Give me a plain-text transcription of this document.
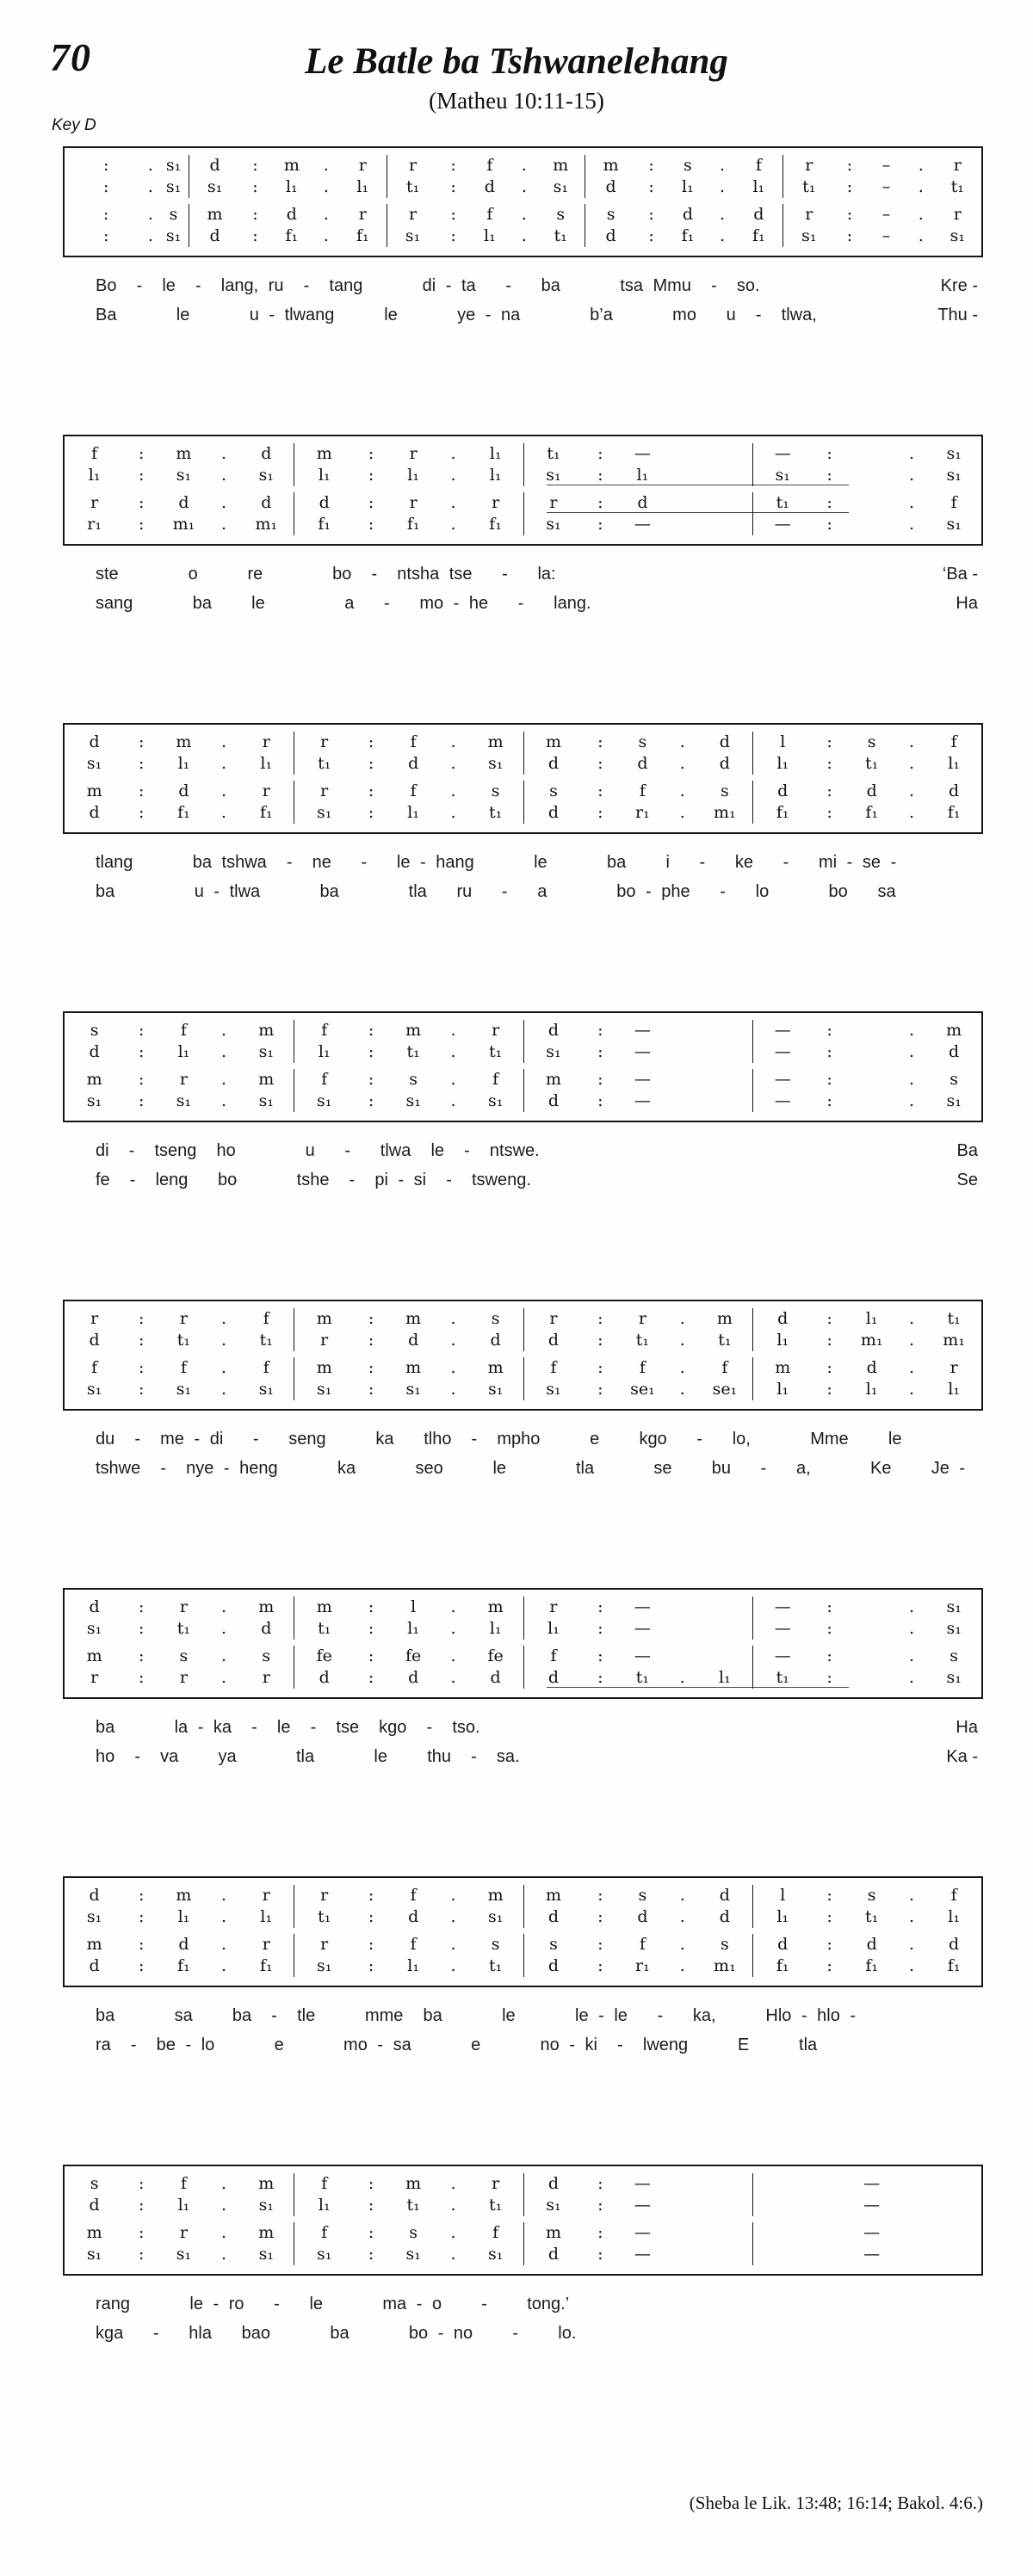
70	Le Batle ba Tshwanelehang
(Matheu 10:11-15)
Key D
:	. s₁	d	:	m	.	r	r	:	f	.	m	m	:	s	.	f	r	:	–	.	r
:	. s₁	s₁	:	l₁	.	l₁	t₁	:	d	.	s₁	d	:	l₁	.	l₁	t₁	:	–	.	t₁
:	. s	m	:	d	.	r	r	:	f	.	s	s	:	d	.	d	r	:	–	.	r
:	. s₁	d	:	f₁	.	f₁	s₁	:	l₁	.	t₁	d	:	f₁	.	f₁	s₁	:	–	.	s₁
Bo  -  le  -  lang, ru  -  tang      di - ta   -   ba      tsa Mmu  -  so.	Kre -
Ba      le      u - tlwang     le      ye - na       b’a      mo   u  -  tlwa,	Thu -
f	:	m	.	d	m	:	r	.	l₁	t₁	:	—	—	:	.	s₁
l₁	:	s₁	.	s₁	l₁	:	l₁	.	l₁	s₁	:	l₁	s₁	:	.	s₁
r	:	d	.	d	d	:	r	.	r	r	:	d	t₁	:	.	f
r₁	:	m₁	.	m₁	f₁	:	f₁	.	f₁	s₁	:	—	—	:	.	s₁
ste       o     re       bo  -  ntsha tse   -   la:	‘Ba -
sang      ba    le        a   -   mo - he   -   lang.	Ha
d	:	m	.	r	r	:	f	.	m	m	:	s	.	d	l	:	s	.	f
s₁	:	l₁	.	l₁	t₁	:	d	.	s₁	d	:	d	.	d	l₁	:	t₁	.	l₁
m	:	d	.	r	r	:	f	.	s	s	:	f	.	s	d	:	d	.	d
d	:	f₁	.	f₁	s₁	:	l₁	.	t₁	d	:	r₁	.	m₁	f₁	:	f₁	.	f₁
tlang      ba tshwa  -  ne   -   le - hang      le      ba    i   -   ke   -   mi - se -
ba        u - tlwa      ba       tla   ru   -   a       bo - phe   -   lo      bo   sa
s	:	f	.	m	f	:	m	.	r	d	:	—	—	:	.	m
d	:	l₁	.	s₁	l₁	:	t₁	.	t₁	s₁	:	—	—	:	.	d
m	:	r	.	m	f	:	s	.	f	m	:	—	—	:	.	s
s₁	:	s₁	.	s₁	s₁	:	s₁	.	s₁	d	:	—	—	:	.	s₁
di  -  tseng  ho       u   -   tlwa  le  -  ntswe.	Ba
fe  -  leng   bo      tshe  -  pi - si  -  tsweng.	Se
r	:	r	.	f	m	:	m	.	s	r	:	r	.	m	d	:	l₁	.	t₁
d	:	t₁	.	t₁	r	:	d	.	d	d	:	t₁	.	t₁	l₁	:	m₁	.	m₁
f	:	f	.	f	m	:	m	.	m	f	:	f	.	f	m	:	d	.	r
s₁	:	s₁	.	s₁	s₁	:	s₁	.	s₁	s₁	:	se₁	.	se₁	l₁	:	l₁	.	l₁
du  -  me - di   -   seng     ka   tlho  -  mpho     e    kgo   -   lo,      Mme    le
tshwe  -  nye - heng      ka      seo     le       tla      se    bu   -   a,      Ke    Je -
d	:	r	.	m	m	:	l	.	m	r	:	—	—	:	.	s₁
s₁	:	t₁	.	d	t₁	:	l₁	.	l₁	l₁	:	—	—	:	.	s₁
m	:	s	.	s	fe	:	fe	.	fe	f	:	—	—	:	.	s
r	:	r	.	r	d	:	d	.	d	d	:	t₁	.	l₁	t₁	:	.	s₁
ba      la - ka  -  le  -  tse  kgo  -  tso.	Ha
ho  -  va    ya      tla      le    thu  -  sa.	Ka -
d	:	m	.	r	r	:	f	.	m	m	:	s	.	d	l	:	s	.	f
s₁	:	l₁	.	l₁	t₁	:	d	.	s₁	d	:	d	.	d	l₁	:	t₁	.	l₁
m	:	d	.	r	r	:	f	.	s	s	:	f	.	s	d	:	d	.	d
d	:	f₁	.	f₁	s₁	:	l₁	.	t₁	d	:	r₁	.	m₁	f₁	:	f₁	.	f₁
ba      sa    ba  -  tle     mme  ba      le      le - le   -   ka,     Hlo - hlo -
ra  -  be - lo      e      mo - sa      e      no - ki  -  lweng     E     tla
s	:	f	.	m	f	:	m	.	r	d	:	—	—
d	:	l₁	.	s₁	l₁	:	t₁	.	t₁	s₁	:	—	—
m	:	r	.	m	f	:	s	.	f	m	:	—	—
s₁	:	s₁	.	s₁	s₁	:	s₁	.	s₁	d	:	—	—
rang      le - ro   -   le      ma - o    -    tong.’
kga   -   hla   bao      ba      bo - no    -    lo.
(Sheba le Lik. 13:48; 16:14; Bakol. 4:6.)
